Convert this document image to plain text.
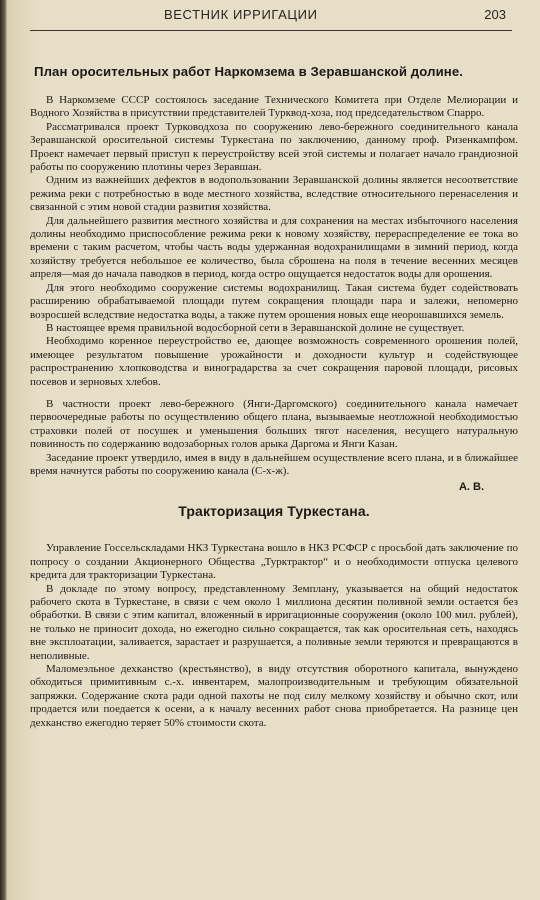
ВЕСТНИК ИРРИГАЦИИ	203
План оросительных работ Наркомзема в Зеравшанской долине.

В Наркомземе СССР состоялось заседание Технического Комитета при Отделе Мелиорации и Водного Хозяйства в присутствии представителей Турквод-хоза, под председательством Спарро.

Рассматривался проект Турководхоза по сооружению лево-бережного соединительного канала Зеравшанской оросительной системы Туркестана по заключению, данному проф. Ризенкампфом. Проект намечает первый приступ к переустройству всей этой системы и полагает начало грандиозной работы по сооружению плотины через Зеравшан.

Одним из важнейших дефектов в водопользовании Зеравшанской долины является несоответствие режима реки с потребностью в воде местного хозяйства, вследствие относительного перенаселения и связанной с этим новой стадии развития хозяйства.

Для дальнейшего развития местного хозяйства и для сохранения на местах избыточного населения долины необходимо приспособление режима реки к новому хозяйству, перераспределение ее тока во времени с таким расчетом, чтобы часть воды удержанная водохранилищами в зимний период, когда хозяйству требуется небольшое ее количество, была сброшена на поля в течение весенних месяцев апреля—мая до начала паводков в период, когда остро ощущается недостаток воды для орошения.

Для этого необходимо сооружение системы водохранилищ. Такая система будет содействовать расширению обрабатываемой площади путем сокращения площади пара и залежи, непомерно возросшей вследствие недостатка воды, а также путем орошения новых еще неорошавшихся земель.

В настоящее время правильной водосборной сети в Зеравшанской долине не существует.

Необходимо коренное переустройство ее, дающее возможность современного орошения полей, имеющее результатом повышение урожайности и доходности культур и содействующее распространению хлопководства и виноградарства за счет сокращения паровой площади, рисовых посевов и зерновых хлебов.

В частности проект лево-бережного (Янги-Даргомского) соединительного канала намечает первоочередные работы по осуществлению общего плана, вызываемые неотложной необходимостью страховки полей от посушек и уменьшения больших тягот населения, несущего натуральную повинность по содержанию водозаборных голов арыка Даргома и Янги Казан.

Заседание проект утвердило, имея в виду в дальнейшем осуществление всего плана, и в ближайшее время начнутся работы по сооружению канала (С-х-ж).

А. В.
Тракторизация Туркестана.

Управление Госсельскладами НКЗ Туркестана вошло в НКЗ РСФСР с просьбой дать заключение по попросу о создании Акционерного Общества „Турктрактор“ и о необходимости отпуска целевого кредита для тракторизации Туркестана.

В докладе по этому вопросу, представленному Земплану, указывается на общий недостаток рабочего скота в Туркестане, в связи с чем около 1 миллиона десятин поливной земли остается без обработки. В связи с этим капитал, вложенный в ирригационные сооружения (около 100 мил. рублей), не только не приносит дохода, но ежегодно сильно сокращается, так как оросительная сеть, находясь вне эксплоатации, заливается, зарастает и разрушается, а поливные земли теряются и превращаются в неполивные.

Маломеэльное дехканство (крестьянство), в виду отсутствия оборотного капитала, вынуждено обходиться примитивным с.-х. инвентарем, малопроизводительным и требующим обязательной запряжки. Содержание скота ради одной пахоты не под силу мелкому хозяйству и обычно скот, или продается или поедается к осени, а к началу весенних работ снова приобретается. На разнице цен дехканство ежегодно теряет 50% стоимости скота.
